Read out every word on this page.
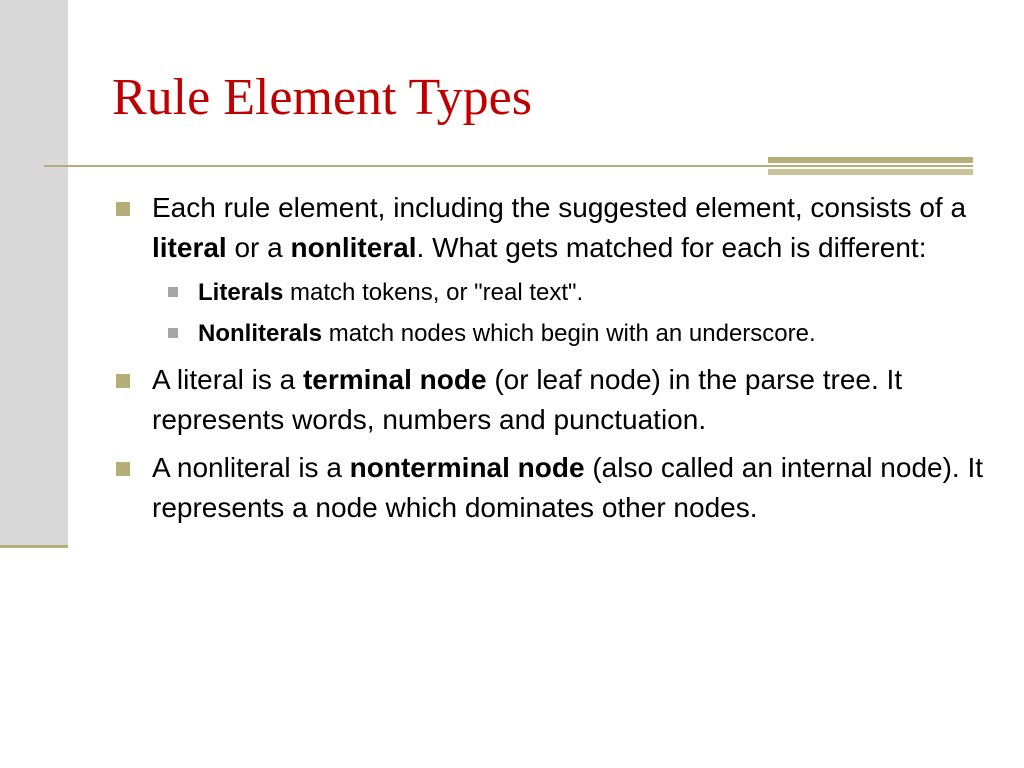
Rule Element Types
Each rule element, including the suggested element, consists of a literal or a nonliteral. What gets matched for each is different:
Literals match tokens, or "real text".
Nonliterals match nodes which begin with an underscore.
A literal is a terminal node (or leaf node) in the parse tree. It represents words, numbers and punctuation.
A nonliteral is a nonterminal node (also called an internal node). It represents a node which dominates other nodes.
